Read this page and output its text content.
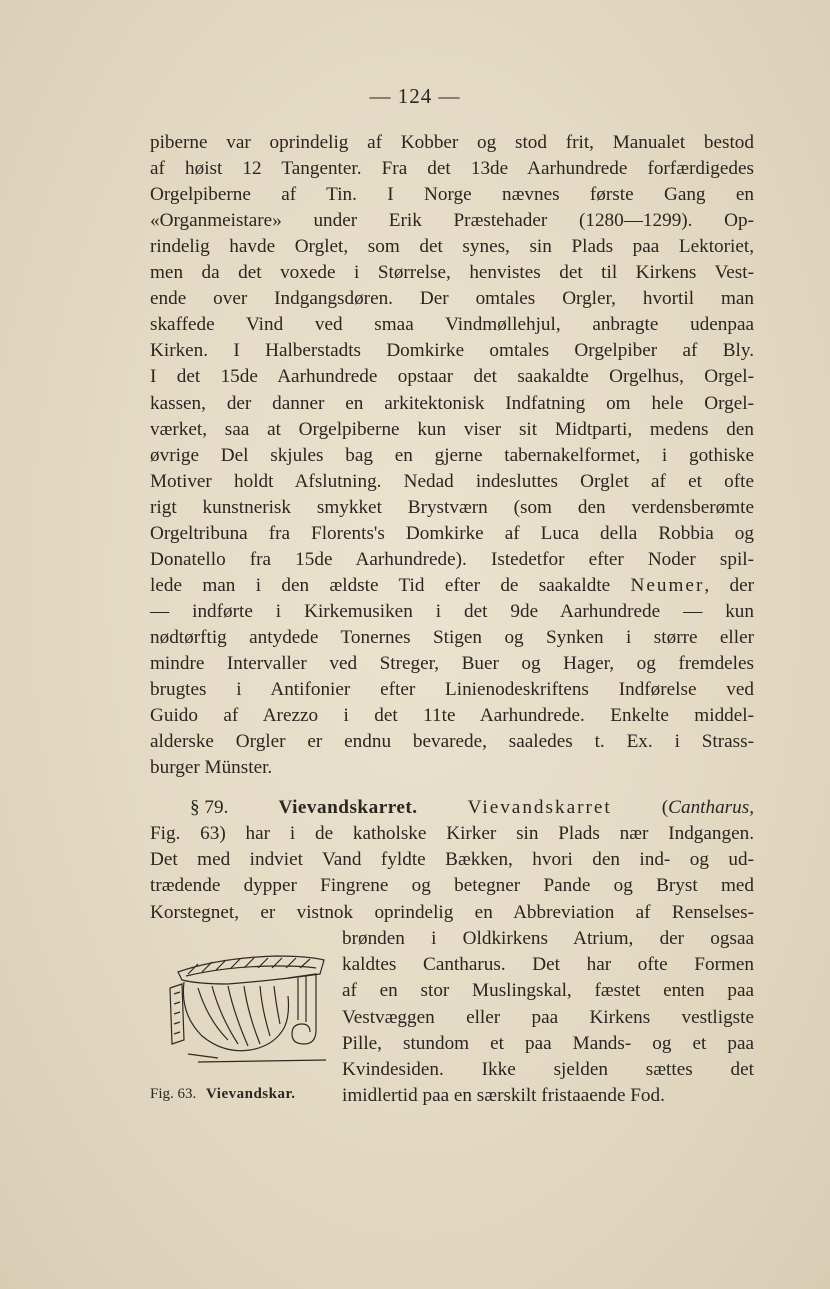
— 124 —
piberne var oprindelig af Kobber og stod frit, Manualet bestod
af høist 12 Tangenter. Fra det 13de Aarhundrede forfærdigedes
Orgelpiberne af Tin. I Norge nævnes første Gang en
«Organmeistare» under Erik Præstehader (1280—1299). Op-
rindelig havde Orglet, som det synes, sin Plads paa Lektoriet,
men da det voxede i Størrelse, henvistes det til Kirkens Vest-
ende over Indgangsdøren. Der omtales Orgler, hvortil man
skaffede Vind ved smaa Vindmøllehjul, anbragte udenpaa
Kirken. I Halberstadts Domkirke omtales Orgelpiber af Bly.
I det 15de Aarhundrede opstaar det saakaldte Orgelhus, Orgel-
kassen, der danner en arkitektonisk Indfatning om hele Orgel-
værket, saa at Orgelpiberne kun viser sit Midtparti, medens den
øvrige Del skjules bag en gjerne tabernakelformet, i gothiske
Motiver holdt Afslutning. Nedad indesluttes Orglet af et ofte
rigt kunstnerisk smykket Brystværn (som den verdensberømte
Orgeltribuna fra Florents's Domkirke af Luca della Robbia og
Donatello fra 15de Aarhundrede). Istedetfor efter Noder spil-
lede man i den ældste Tid efter de saakaldte Neumer, der
— indførte i Kirkemusiken i det 9de Aarhundrede — kun
nødtørftig antydede Tonernes Stigen og Synken i større eller
mindre Intervaller ved Streger, Buer og Hager, og fremdeles
brugtes i Antifonier efter Linienodeskriftens Indførelse ved
Guido af Arezzo i det 11te Aarhundrede. Enkelte middel-
alderske Orgler er endnu bevarede, saaledes t. Ex. i Strass-
burger Münster.
§ 79.	Vievandskarret.	Vievandskarret	(Cantharus,
Fig. 63) har i de katholske Kirker sin Plads nær Indgangen.
Det med indviet Vand fyldte Bækken, hvori den ind- og ud-
trædende dypper Fingrene og betegner Pande og Bryst med
Korstegnet, er vistnok oprindelig en Abbreviation af Renselses-
brønden i Oldkirkens Atrium, der ogsaa
kaldtes Cantharus. Det har ofte Formen
af en stor Muslingskal, fæstet enten paa
Vestvæggen eller paa Kirkens vestligste
Pille, stundom et paa Mands- og et paa
Kvindesiden. Ikke sjelden sættes det
imidlertid paa en særskilt fristaaende Fod.
Fig. 63. Vievandskar.
